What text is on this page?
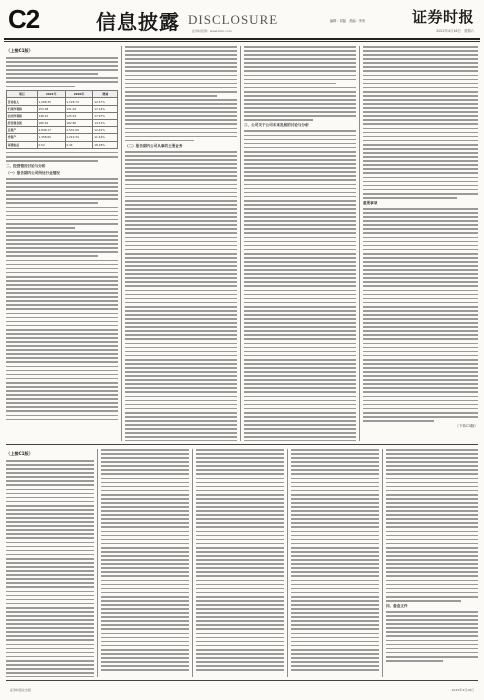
C2	信息披露 DISCLOSURE
证券时报网：www.stcn.com
编辑：刘磊　美编：李荣	证券时报
2022年4月16日　星期六
（上接C1版）
项目	2021年	2020年	增减
营业收入	1,268.35	1,126.74	12.57%
归母净利润	153.48	131.02	17.14%
扣非净利润	148.21	125.63	17.97%
经营现金流	186.42	162.80	14.51%
总资产	2,846.17	2,531.69	12.42%
净资产	1,358.60	1,219.34	11.42%
每股收益	0.52	0.44	18.18%
二、经营情况讨论与分析
（一）报告期内公司所处行业情况
（二）报告期内公司从事的主要业务
三、公司关于公司未来发展的讨论与分析
重要事项
（下转C3版）
（上接C1版）
四、备查文件
证券时报社出版	2022年4月16日
